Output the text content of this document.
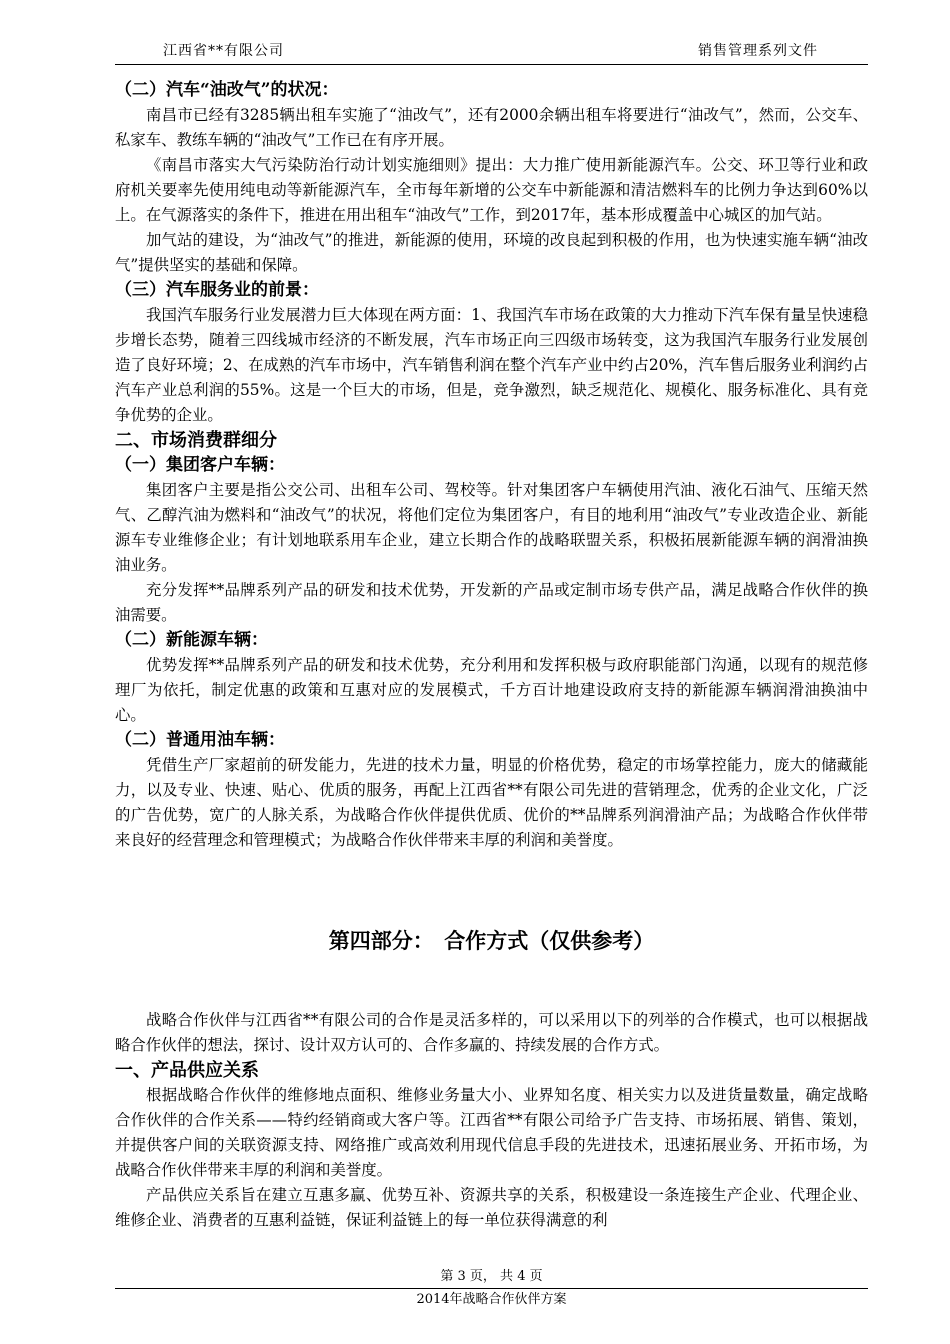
江西省**有限公司	销售管理系列文件

（二）汽车“油改气”的状况：

南昌市已经有3285辆出租车实施了“油改气”，还有2000余辆出租车将要进行“油改气”，然而，公交车、私家车、教练车辆的“油改气”工作已在有序开展。

《南昌市落实大气污染防治行动计划实施细则》提出：大力推广使用新能源汽车。公交、环卫等行业和政府机关要率先使用纯电动等新能源汽车，全市每年新增的公交车中新能源和清洁燃料车的比例力争达到60%以上。在气源落实的条件下，推进在用出租车“油改气”工作，到2017年，基本形成覆盖中心城区的加气站。

加气站的建设，为“油改气”的推进，新能源的使用，环境的改良起到积极的作用，也为快速实施车辆“油改气”提供坚实的基础和保障。

（三）汽车服务业的前景：

我国汽车服务行业发展潜力巨大体现在两方面：1、我国汽车市场在政策的大力推动下汽车保有量呈快速稳步增长态势，随着三四线城市经济的不断发展，汽车市场正向三四级市场转变，这为我国汽车服务行业发展创造了良好环境；2、在成熟的汽车市场中，汽车销售利润在整个汽车产业中约占20%，汽车售后服务业利润约占汽车产业总利润的55%。这是一个巨大的市场，但是，竞争激烈，缺乏规范化、规模化、服务标准化、具有竞争优势的企业。

二、市场消费群细分

（一）集团客户车辆：

集团客户主要是指公交公司、出租车公司、驾校等。针对集团客户车辆使用汽油、液化石油气、压缩天然气、乙醇汽油为燃料和“油改气”的状况，将他们定位为集团客户，有目的地利用“油改气”专业改造企业、新能源车专业维修企业；有计划地联系用车企业，建立长期合作的战略联盟关系，积极拓展新能源车辆的润滑油换油业务。

充分发挥**品牌系列产品的研发和技术优势，开发新的产品或定制市场专供产品，满足战略合作伙伴的换油需要。

（二）新能源车辆：

优势发挥**品牌系列产品的研发和技术优势，充分利用和发挥积极与政府职能部门沟通，以现有的规范修理厂为依托，制定优惠的政策和互惠对应的发展模式，千方百计地建设政府支持的新能源车辆润滑油换油中心。

（二）普通用油车辆：

凭借生产厂家超前的研发能力，先进的技术力量，明显的价格优势，稳定的市场掌控能力，庞大的储藏能力，以及专业、快速、贴心、优质的服务，再配上江西省**有限公司先进的营销理念，优秀的企业文化，广泛的广告优势，宽广的人脉关系，为战略合作伙伴提供优质、优价的**品牌系列润滑油产品；为战略合作伙伴带来良好的经营理念和管理模式；为战略合作伙伴带来丰厚的利润和美誉度。

第四部分：　合作方式（仅供参考）

战略合作伙伴与江西省**有限公司的合作是灵活多样的，可以采用以下的列举的合作模式，也可以根据战略合作伙伴的想法，探讨、设计双方认可的、合作多赢的、持续发展的合作方式。

一、产品供应关系

根据战略合作伙伴的维修地点面积、维修业务量大小、业界知名度、相关实力以及进货量数量，确定战略合作伙伴的合作关系——特约经销商或大客户等。江西省**有限公司给予广告支持、市场拓展、销售、策划，并提供客户间的关联资源支持、网络推广或高效利用现代信息手段的先进技术，迅速拓展业务、开拓市场，为战略合作伙伴带来丰厚的利润和美誉度。

产品供应关系旨在建立互惠多赢、优势互补、资源共享的关系，积极建设一条连接生产企业、代理企业、维修企业、消费者的互惠利益链，保证利益链上的每一单位获得满意的利

第 3 页， 共 4 页
2014年战略合作伙伴方案
